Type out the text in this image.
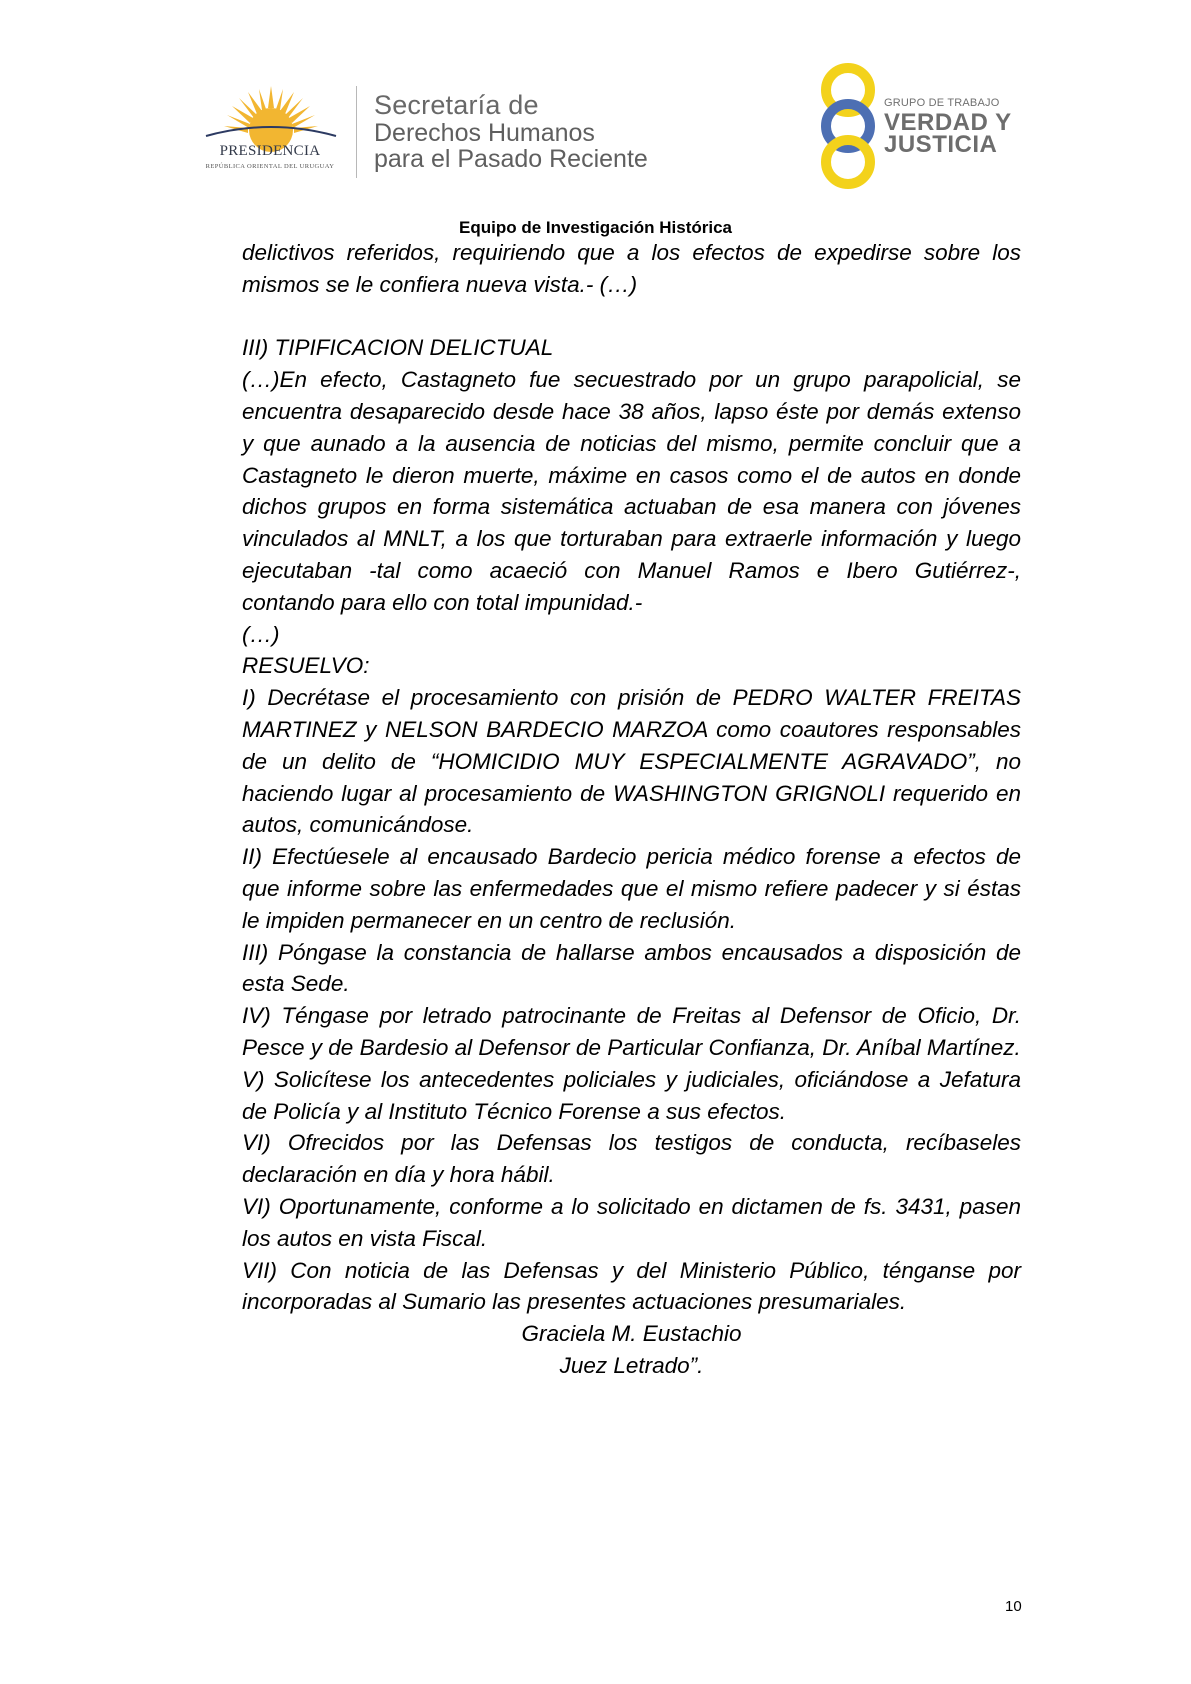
PRESIDENCIA
REPÚBLICA ORIENTAL DEL URUGUAY
Secretaría de
Derechos Humanos
para el Pasado Reciente
GRUPO DE TRABAJO
VERDAD Y
JUSTICIA
Equipo de Investigación Histórica

delictivos referidos, requiriendo que a los efectos de expedirse sobre los mismos se le confiera nueva vista.- (…)

III) TIPIFICACION DELICTUAL

(…)En efecto, Castagneto fue secuestrado por un grupo parapolicial, se encuentra desaparecido desde hace 38 años, lapso éste por demás extenso y que aunado a la ausencia de noticias del mismo, permite concluir que a Castagneto le dieron muerte, máxime en casos como el de autos en donde dichos grupos en forma sistemática actuaban de esa manera con jóvenes vinculados al MNLT, a los que torturaban para extraerle información y luego ejecutaban -tal como acaeció con Manuel Ramos e Ibero Gutiérrez-, contando para ello con total impunidad.-

(…)

RESUELVO:

I) Decrétase el procesamiento con prisión de PEDRO WALTER FREITAS MARTINEZ y NELSON BARDECIO MARZOA como coautores responsables de un delito de “HOMICIDIO MUY ESPECIALMENTE AGRAVADO”, no haciendo lugar al procesamiento de WASHINGTON GRIGNOLI requerido en autos, comunicándose.

II) Efectúesele al encausado Bardecio pericia médico forense a efectos de que informe sobre las enfermedades que el mismo refiere padecer y si éstas le impiden permanecer en un centro de reclusión.

III) Póngase la constancia de hallarse ambos encausados a disposición de esta Sede.

IV) Téngase por letrado patrocinante de Freitas al Defensor de Oficio, Dr. Pesce y de Bardesio al Defensor de Particular Confianza, Dr. Aníbal Martínez.

V) Solicítese los antecedentes policiales y judiciales, oficiándose a Jefatura de Policía y al Instituto Técnico Forense a sus efectos.

VI) Ofrecidos por las Defensas los testigos de conducta, recíbaseles declaración en día y hora hábil.

VI) Oportunamente, conforme a lo solicitado en dictamen de fs. 3431, pasen los autos en vista Fiscal.

VII) Con noticia de las Defensas y del Ministerio Público, ténganse por incorporadas al Sumario las presentes actuaciones presumariales.

Graciela M. Eustachio

Juez Letrado”.

10
